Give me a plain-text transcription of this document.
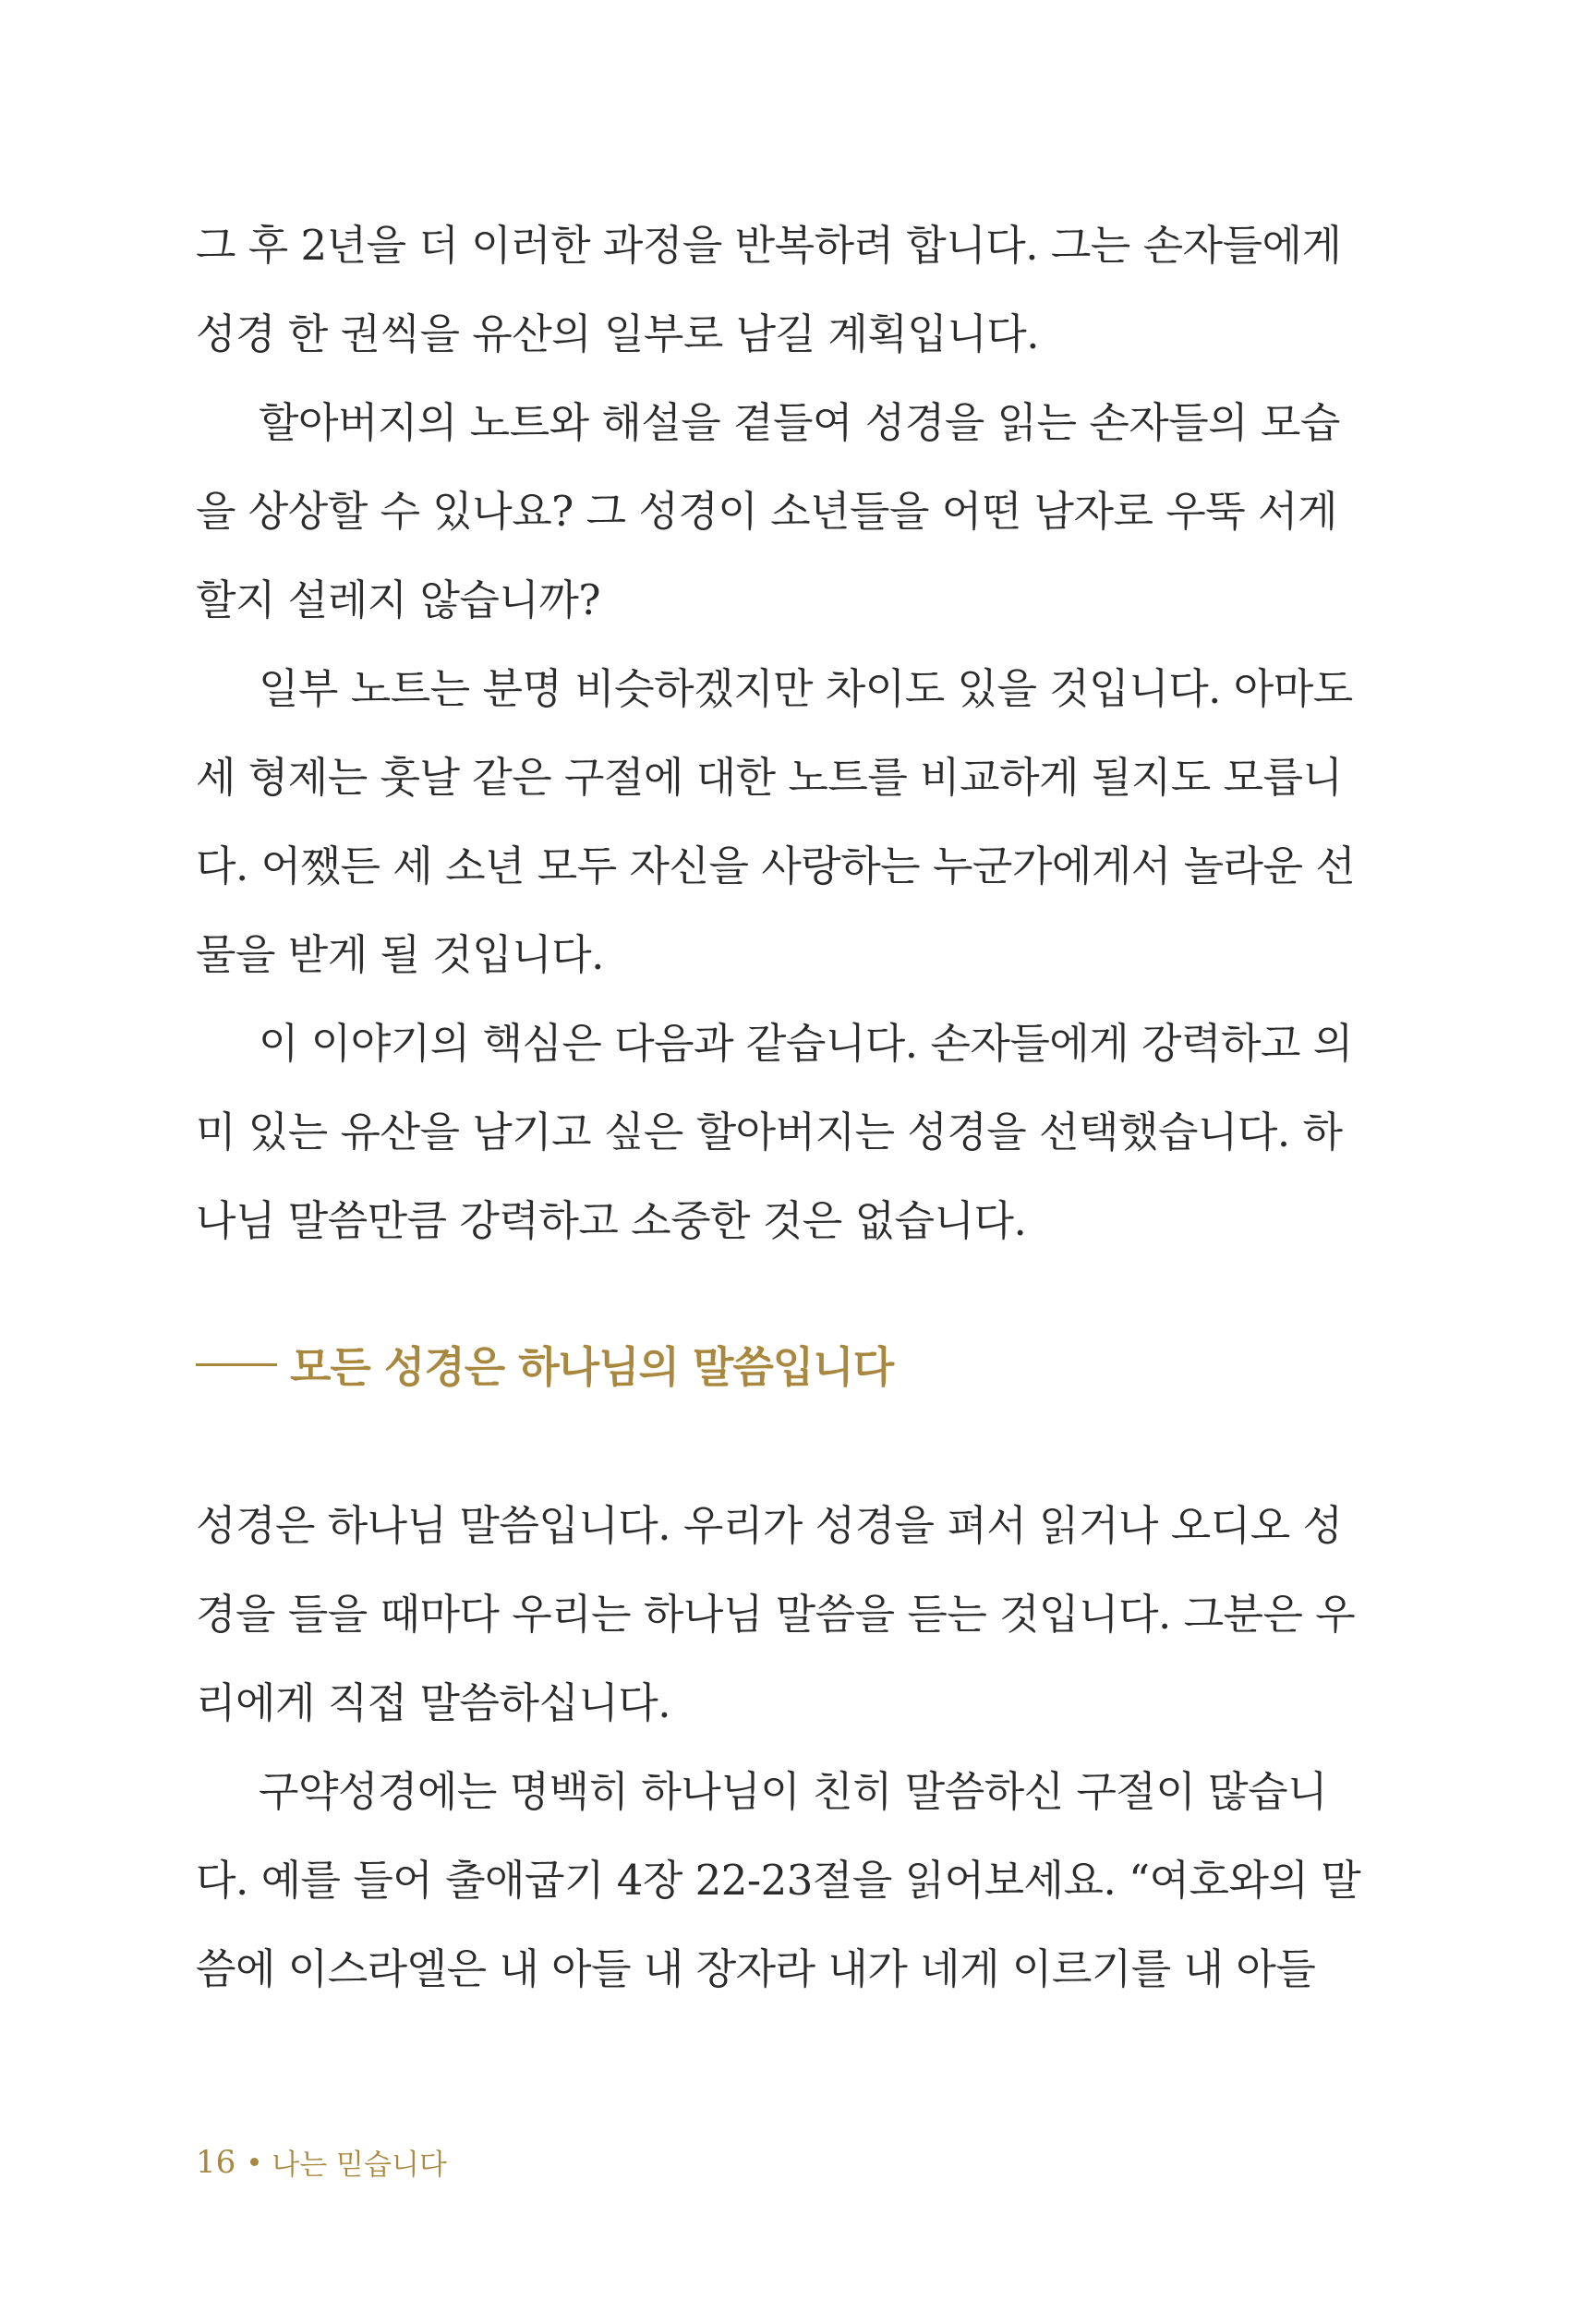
그 후 2년을 더 이러한 과정을 반복하려 합니다. 그는 손자들에게
성경 한 권씩을 유산의 일부로 남길 계획입니다.
할아버지의 노트와 해설을 곁들여 성경을 읽는 손자들의 모습
을 상상할 수 있나요? 그 성경이 소년들을 어떤 남자로 우뚝 서게
할지 설레지 않습니까?
일부 노트는 분명 비슷하겠지만 차이도 있을 것입니다. 아마도
세 형제는 훗날 같은 구절에 대한 노트를 비교하게 될지도 모릅니
다. 어쨌든 세 소년 모두 자신을 사랑하는 누군가에게서 놀라운 선
물을 받게 될 것입니다.
이 이야기의 핵심은 다음과 같습니다. 손자들에게 강력하고 의
미 있는 유산을 남기고 싶은 할아버지는 성경을 선택했습니다. 하
나님 말씀만큼 강력하고 소중한 것은 없습니다.
모든 성경은 하나님의 말씀입니다
성경은 하나님 말씀입니다. 우리가 성경을 펴서 읽거나 오디오 성
경을 들을 때마다 우리는 하나님 말씀을 듣는 것입니다. 그분은 우
리에게 직접 말씀하십니다.
구약성경에는 명백히 하나님이 친히 말씀하신 구절이 많습니
다. 예를 들어 출애굽기 4장 22-23절을 읽어보세요. “여호와의 말
씀에 이스라엘은 내 아들 내 장자라 내가 네게 이르기를 내 아들
16 나는 믿습니다
